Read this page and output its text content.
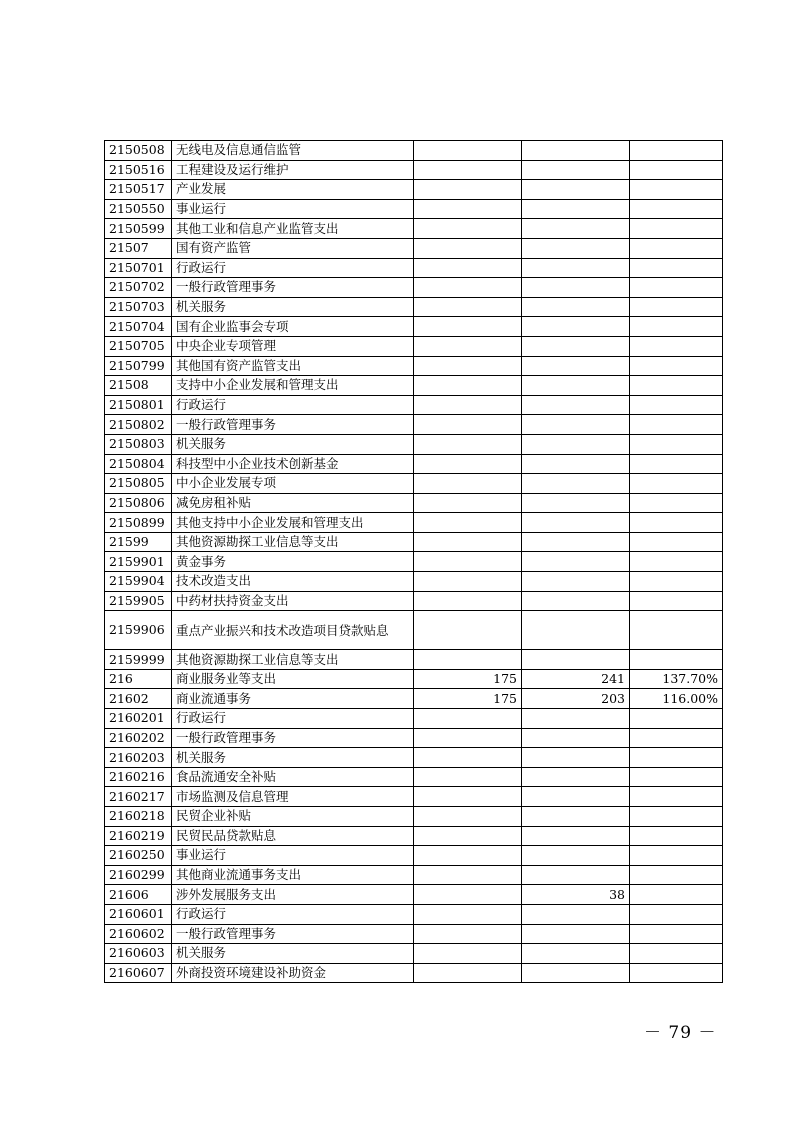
2150508	无线电及信息通信监管			
2150516	工程建设及运行维护			
2150517	产业发展			
2150550	事业运行			
2150599	其他工业和信息产业监管支出			
21507	国有资产监管			
2150701	行政运行			
2150702	一般行政管理事务			
2150703	机关服务			
2150704	国有企业监事会专项			
2150705	中央企业专项管理			
2150799	其他国有资产监管支出			
21508	支持中小企业发展和管理支出			
2150801	行政运行			
2150802	一般行政管理事务			
2150803	机关服务			
2150804	科技型中小企业技术创新基金			
2150805	中小企业发展专项			
2150806	减免房租补贴			
2150899	其他支持中小企业发展和管理支出			
21599	其他资源勘探工业信息等支出			
2159901	黄金事务			
2159904	技术改造支出			
2159905	中药材扶持资金支出			
2159906	重点产业振兴和技术改造项目贷款贴息			
2159999	其他资源勘探工业信息等支出			
216	商业服务业等支出	175	241	137.70%
21602	商业流通事务	175	203	116.00%
2160201	行政运行			
2160202	一般行政管理事务			
2160203	机关服务			
2160216	食品流通安全补贴			
2160217	市场监测及信息管理			
2160218	民贸企业补贴			
2160219	民贸民品贷款贴息			
2160250	事业运行			
2160299	其他商业流通事务支出			
21606	涉外发展服务支出		38	
2160601	行政运行			
2160602	一般行政管理事务			
2160603	机关服务			
2160607	外商投资环境建设补助资金			
－ 79 －
